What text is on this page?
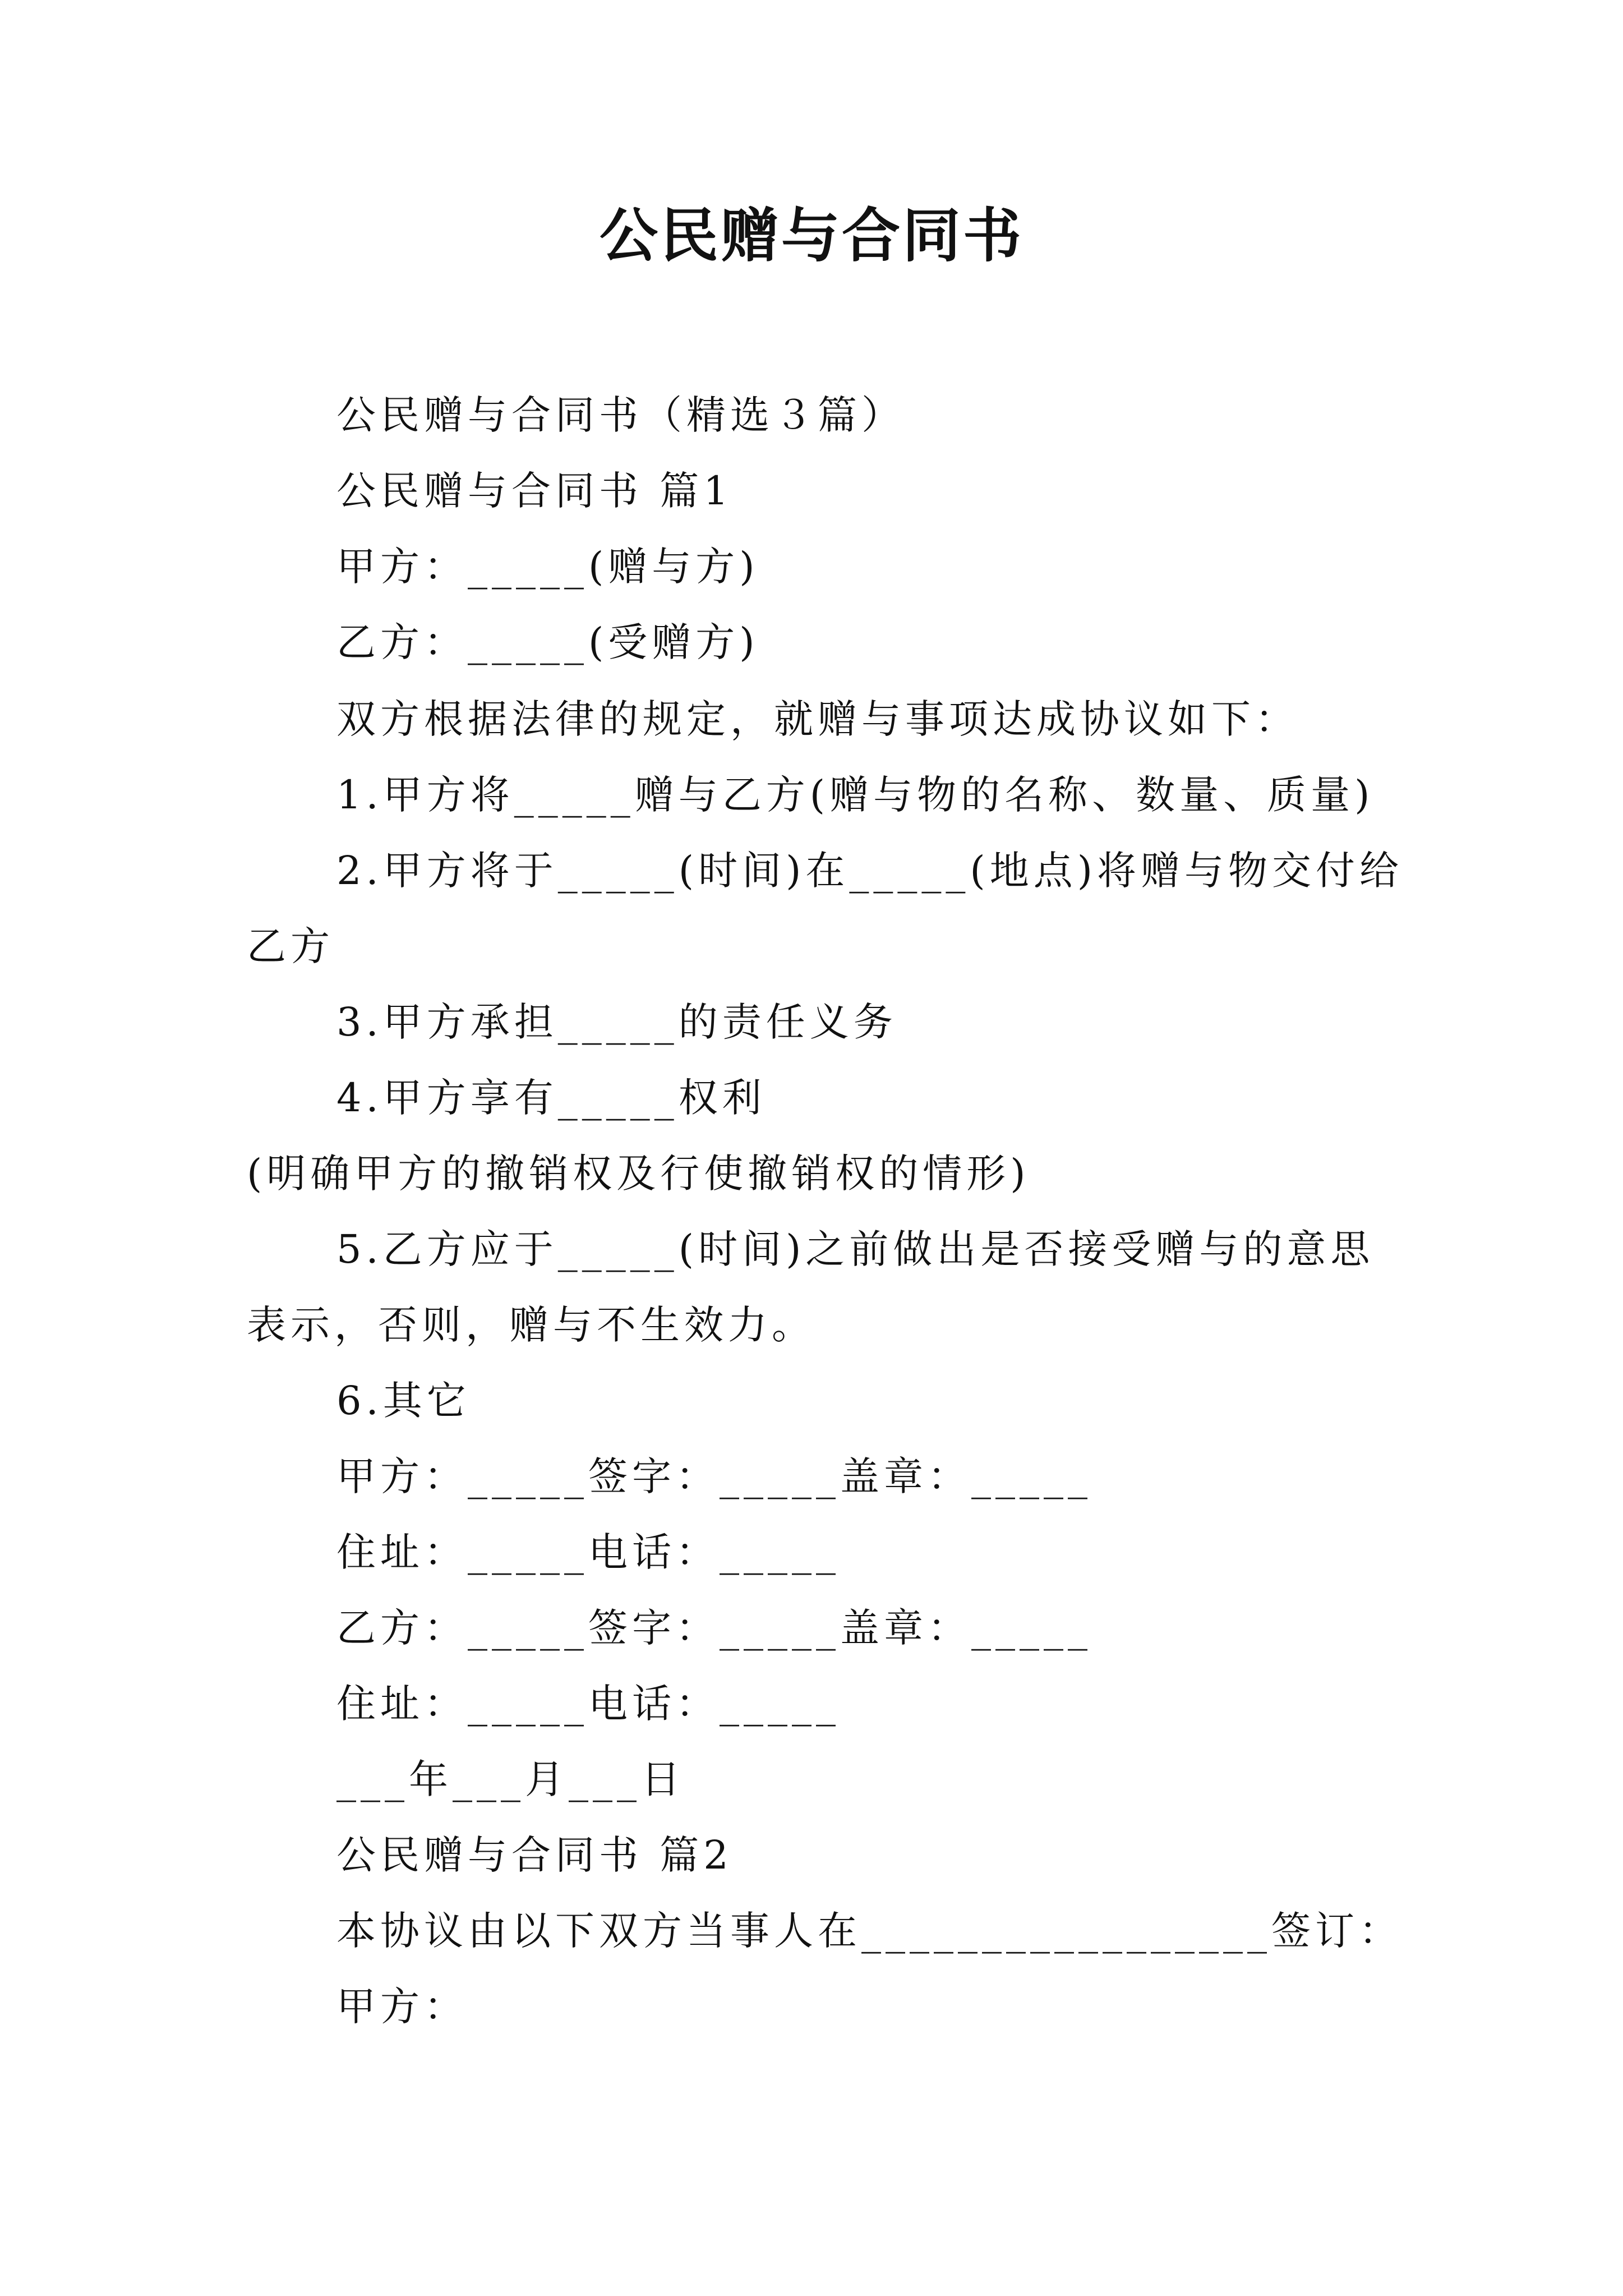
公民赠与合同书
公民赠与合同书（精选３篇）
公民赠与合同书 篇1
甲方：_____(赠与方)
乙方：_____(受赠方)
双方根据法律的规定，就赠与事项达成协议如下：
1.甲方将_____赠与乙方(赠与物的名称、数量、质量)
2.甲方将于_____(时间)在_____(地点)将赠与物交付给
乙方
3.甲方承担_____的责任义务
4.甲方享有_____权利
(明确甲方的撤销权及行使撤销权的情形)
5.乙方应于_____(时间)之前做出是否接受赠与的意思
表示，否则，赠与不生效力。
6.其它
甲方：_____签字：_____盖章：_____
住址：_____电话：_____
乙方：_____签字：_____盖章：_____
住址：_____电话：_____
___年___月___日
公民赠与合同书 篇2
本协议由以下双方当事人在_________________签订：
甲方：
